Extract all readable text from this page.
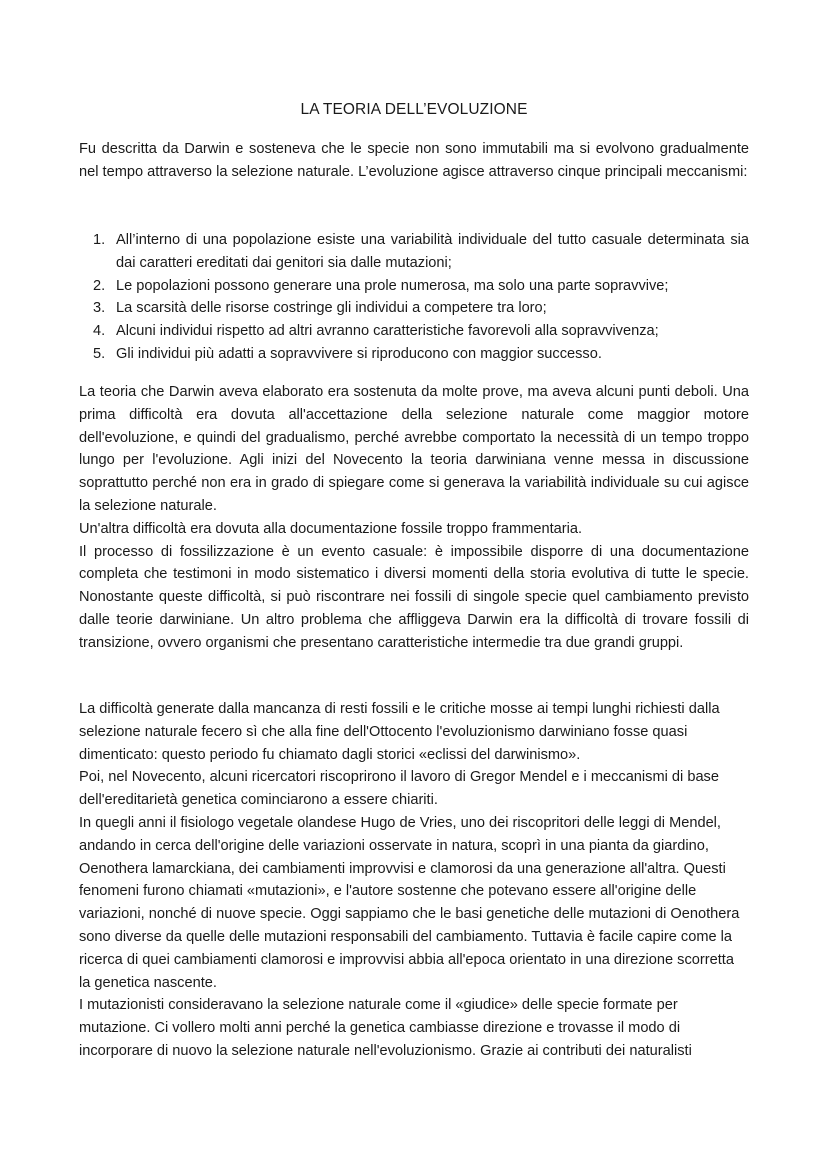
LA TEORIA DELL’EVOLUZIONE

Fu descritta da Darwin e sosteneva che le specie non sono immutabili ma si evolvono gradualmente nel tempo attraverso la selezione naturale. L’evoluzione agisce attraverso cinque principali meccanismi:

1. All’interno di una popolazione esiste una variabilità individuale del tutto casuale determinata sia dai caratteri ereditati dai genitori sia dalle mutazioni;
2. Le popolazioni possono generare una prole numerosa, ma solo una parte sopravvive;
3. La scarsità delle risorse costringe gli individui a competere tra loro;
4. Alcuni individui rispetto ad altri avranno caratteristiche favorevoli alla sopravvivenza;
5. Gli individui più adatti a sopravvivere si riproducono con maggior successo.

La teoria che Darwin aveva elaborato era sostenuta da molte prove, ma aveva alcuni punti deboli. Una prima difficoltà era dovuta all'accettazione della selezione naturale come maggior motore dell'evoluzione, e quindi del gradualismo, perché avrebbe comportato la necessità di un tempo troppo lungo per l'evoluzione. Agli inizi del Novecento la teoria darwiniana venne messa in discussione soprattutto perché non era in grado di spiegare come si generava la variabilità individuale su cui agisce la selezione naturale.

Un'altra difficoltà era dovuta alla documentazione fossile troppo frammentaria.

Il processo di fossilizzazione è un evento casuale: è impossibile disporre di una documentazione completa che testimoni in modo sistematico i diversi momenti della storia evolutiva di tutte le specie. Nonostante queste difficoltà, si può riscontrare nei fossili di singole specie quel cambiamento previsto dalle teorie darwiniane. Un altro problema che affliggeva Darwin era la difficoltà di trovare fossili di transizione, ovvero organismi che presentano caratteristiche intermedie tra due grandi gruppi.

La difficoltà generate dalla mancanza di resti fossili e le critiche mosse ai tempi lunghi richiesti dalla selezione naturale fecero sì che alla fine dell'Ottocento l'evoluzionismo darwiniano fosse quasi dimenticato: questo periodo fu chiamato dagli storici «eclissi del darwinismo».

Poi, nel Novecento, alcuni ricercatori riscoprirono il lavoro di Gregor Mendel e i meccanismi di base dell'ereditarietà genetica cominciarono a essere chiariti.

In quegli anni il fisiologo vegetale olandese Hugo de Vries, uno dei riscopritori delle leggi di Mendel, andando in cerca dell'origine delle variazioni osservate in natura, scoprì in una pianta da giardino, Oenothera lamarckiana, dei cambiamenti improvvisi e clamorosi da una generazione all'altra. Questi fenomeni furono chiamati «mutazioni», e l'autore sostenne che potevano essere all'origine delle variazioni, nonché di nuove specie. Oggi sappiamo che le basi genetiche delle mutazioni di Oenothera sono diverse da quelle delle mutazioni responsabili del cambiamento. Tuttavia è facile capire come la ricerca di quei cambiamenti clamorosi e improvvisi abbia all'epoca orientato in una direzione scorretta la genetica nascente.

I mutazionisti consideravano la selezione naturale come il «giudice» delle specie formate per mutazione. Ci vollero molti anni perché la genetica cambiasse direzione e trovasse il modo di incorporare di nuovo la selezione naturale nell'evoluzionismo. Grazie ai contributi dei naturalisti
